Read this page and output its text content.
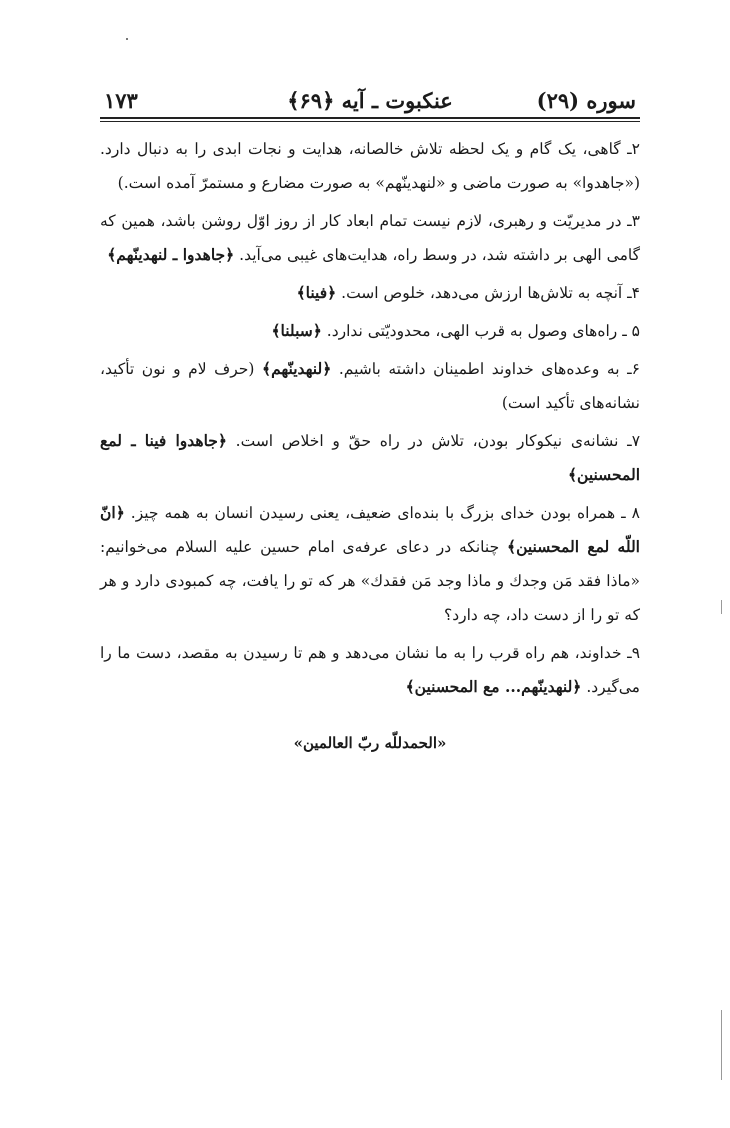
سوره (۲۹)
عنکبوت ـ آیه ﴿۶۹﴾
۱۷۳

۲ـ گاهی، یک گام و یک لحظه تلاش خالصانه، هدایت و نجات ابدی را به دنبال دارد. («جاهدوا» به صورت ماضی و «لنهدینّهم» به صورت مضارع و مستمرّ آمده است.)

۳ـ در مدیریّت و رهبری، لازم نیست تمام ابعاد کار از روز اوّل روشن باشد، همین که گامی الهی بر داشته شد، در وسط راه، هدایت‌های غیبی می‌آید. ﴿جاهدوا ـ لنهدینّهم﴾

۴ـ آنچه به تلاش‌ها ارزش می‌دهد، خلوص است. ﴿فینا﴾

۵ ـ راه‌های وصول به قرب الهی، محدودیّتی ندارد. ﴿سبلنا﴾

۶ـ به وعده‌های خداوند اطمینان داشته باشیم. ﴿لنهدینّهم﴾ (حرف لام و نون تأکید، نشانه‌های تأکید است)

۷ـ نشانه‌ی نیکوکار بودن، تلاش در راه حقّ و اخلاص است. ﴿جاهدوا فینا ـ لمع المحسنین﴾

۸ ـ همراه بودن خدای بزرگ با بنده‌ای ضعیف، یعنی رسیدن انسان به همه چیز. ﴿انّ اللّه لمع المحسنین﴾ چنانکه در دعای عرفه‌ی امام حسین علیه السلام می‌خوانیم: «ماذا فقد مَن وجدك و ماذا وجد مَن فقدك» هر که تو را یافت، چه کمبودی دارد و هر که تو را از دست داد، چه دارد؟

۹ـ خداوند، هم راه قرب را به ما نشان می‌دهد و هم تا رسیدن به مقصد، دست ما را می‌گیرد. ﴿لنهدینّهم... مع المحسنین﴾

«الحمدللّه ربّ العالمین»
